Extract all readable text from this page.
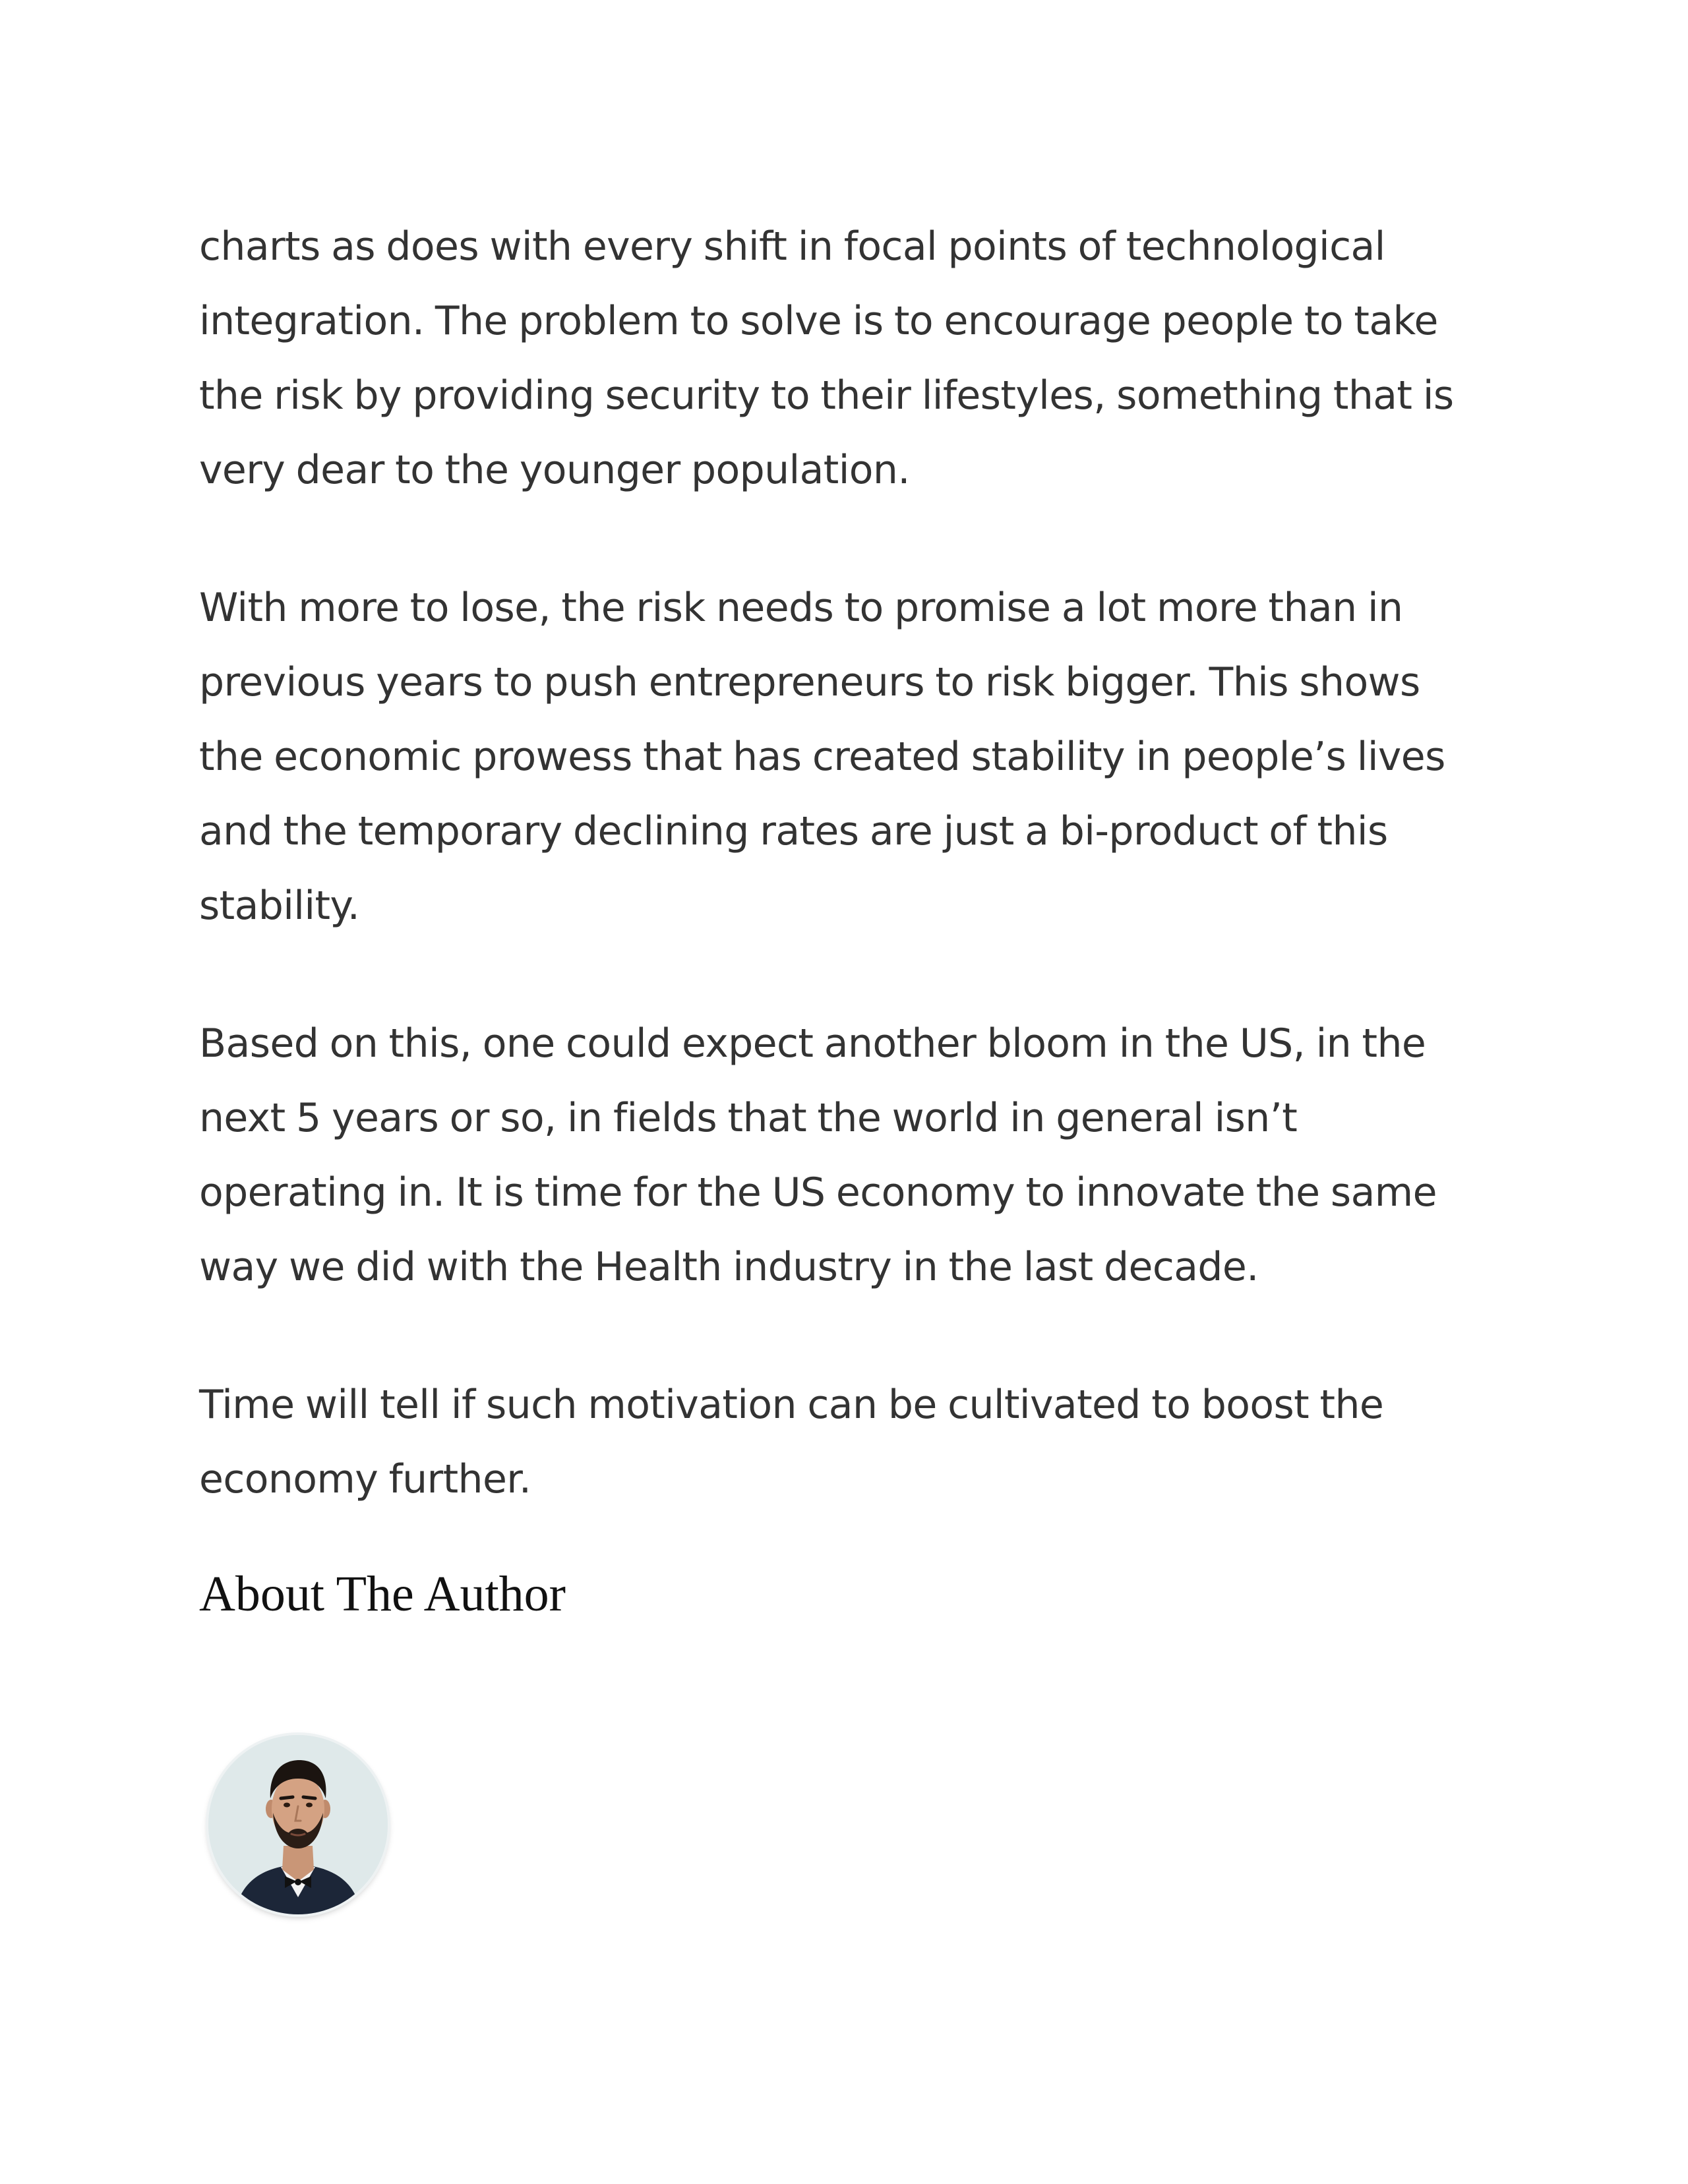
charts as does with every shift in focal points of technological integration. The problem to solve is to encourage people to take the risk by providing security to their lifestyles, something that is very dear to the younger population.

With more to lose, the risk needs to promise a lot more than in previous years to push entrepreneurs to risk bigger. This shows the economic prowess that has created stability in people’s lives and the temporary declining rates are just a bi-product of this stability.

Based on this, one could expect another bloom in the US, in the next 5 years or so, in fields that the world in general isn’t operating in. It is time for the US economy to innovate the same way we did with the Health industry in the last decade.

Time will tell if such motivation can be cultivated to boost the economy further.

About The Author
